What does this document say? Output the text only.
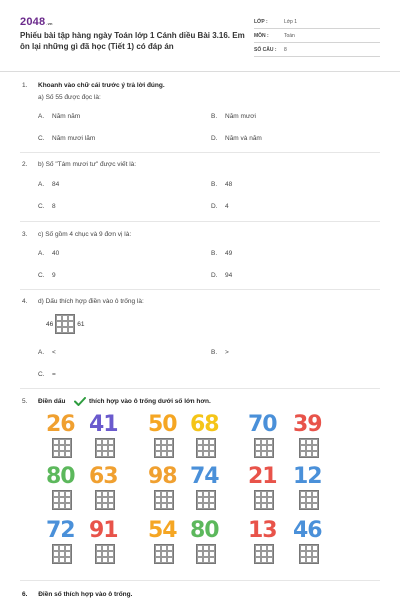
2048.vn
Phiếu bài tập hàng ngày Toán lớp 1 Cánh diều Bài 3.16. Em ôn lại những gì đã học (Tiết 1) có đáp án
LỚP :	Lớp 1
MÔN :	Toán
SỐ CÂU :	8
1. Khoanh vào chữ cái trước ý trả lời đúng.
a) Số 55 được đọc là:
A. Năm năm	B. Năm mươi
C. Năm mươi lăm	D. Năm và năm
2. b) Số "Tám mươi tư" được viết là:
A. 84	B. 48
C. 8	D. 4
3. c) Số gồm 4 chục và 9 đơn vị là:
A. 40	B. 49
C. 9	D. 94
4. d) Dấu thích hợp điền vào ô trống là:
46	61
A. <	B. >
C. =
5. Điền dấu	thích hợp vào ô trống dưới số lớn hơn.
26 41 50 68 70 39
80 63 98 74 21 12
72 91 54 80 13 46
6. Điền số thích hợp vào ô trống.
